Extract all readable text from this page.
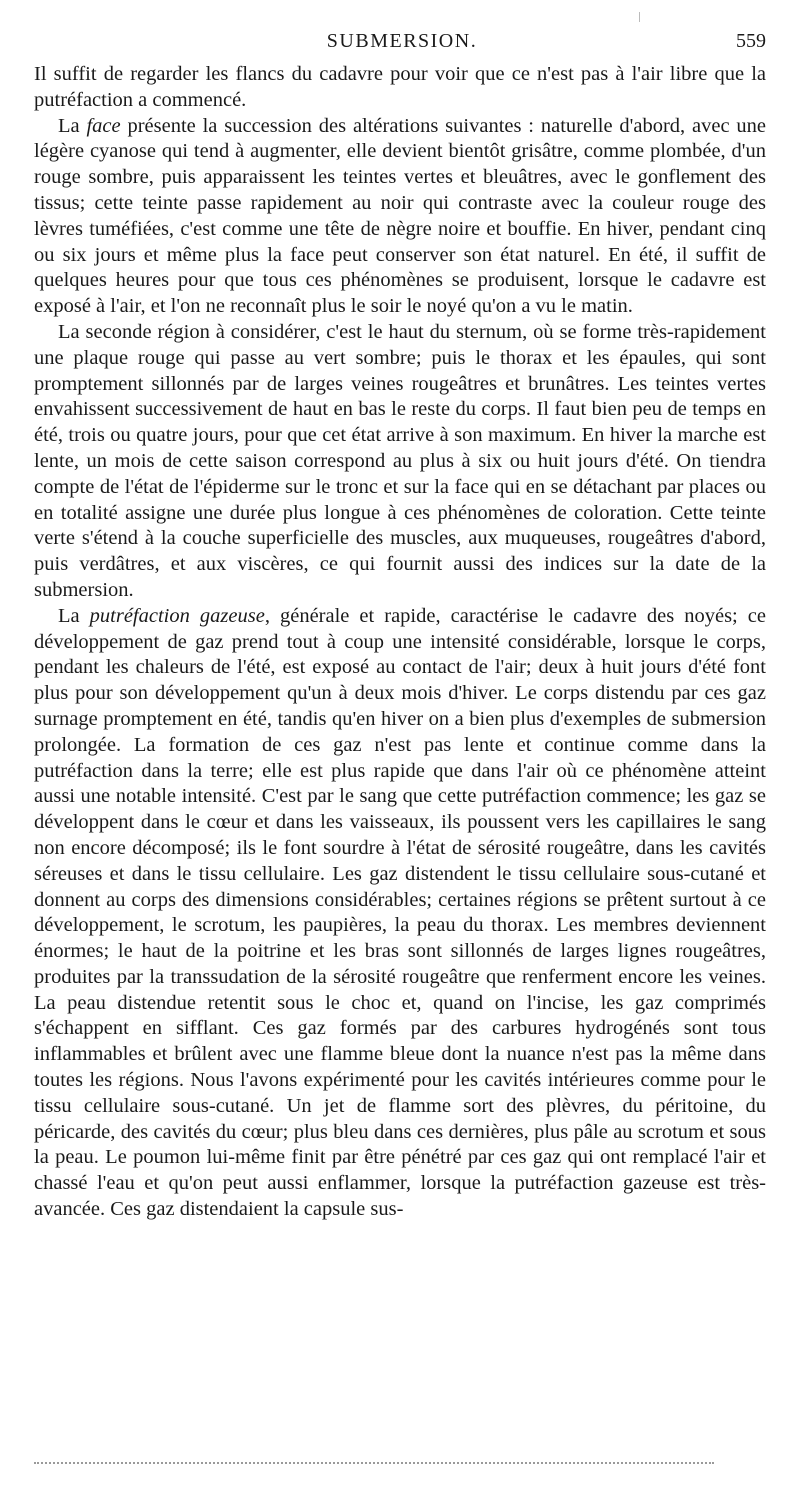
SUBMERSION.	559

Il suffit de regarder les flancs du cadavre pour voir que ce n'est pas à l'air libre que la putréfaction a commencé.

La face présente la succession des altérations suivantes : naturelle d'abord, avec une légère cyanose qui tend à augmenter, elle devient bientôt grisâtre, comme plombée, d'un rouge sombre, puis apparaissent les teintes vertes et bleuâtres, avec le gonflement des tissus; cette teinte passe rapidement au noir qui contraste avec la couleur rouge des lèvres tuméfiées, c'est comme une tête de nègre noire et bouffie. En hiver, pendant cinq ou six jours et même plus la face peut conserver son état naturel. En été, il suffit de quelques heures pour que tous ces phénomènes se produisent, lorsque le cadavre est exposé à l'air, et l'on ne reconnaît plus le soir le noyé qu'on a vu le matin.

La seconde région à considérer, c'est le haut du sternum, où se forme très-rapidement une plaque rouge qui passe au vert sombre; puis le thorax et les épaules, qui sont promptement sillonnés par de larges veines rougeâtres et brunâtres. Les teintes vertes envahissent successivement de haut en bas le reste du corps. Il faut bien peu de temps en été, trois ou quatre jours, pour que cet état arrive à son maximum. En hiver la marche est lente, un mois de cette saison correspond au plus à six ou huit jours d'été. On tiendra compte de l'état de l'épiderme sur le tronc et sur la face qui en se détachant par places ou en totalité assigne une durée plus longue à ces phénomènes de coloration. Cette teinte verte s'étend à la couche superficielle des muscles, aux muqueuses, rougeâtres d'abord, puis verdâtres, et aux viscères, ce qui fournit aussi des indices sur la date de la submersion.

La putréfaction gazeuse, générale et rapide, caractérise le cadavre des noyés; ce développement de gaz prend tout à coup une intensité considérable, lorsque le corps, pendant les chaleurs de l'été, est exposé au contact de l'air; deux à huit jours d'été font plus pour son développement qu'un à deux mois d'hiver. Le corps distendu par ces gaz surnage promptement en été, tandis qu'en hiver on a bien plus d'exemples de submersion prolongée. La formation de ces gaz n'est pas lente et continue comme dans la putréfaction dans la terre; elle est plus rapide que dans l'air où ce phénomène atteint aussi une notable intensité. C'est par le sang que cette putréfaction commence; les gaz se développent dans le cœur et dans les vaisseaux, ils poussent vers les capillaires le sang non encore décomposé; ils le font sourdre à l'état de sérosité rougeâtre, dans les cavités séreuses et dans le tissu cellulaire. Les gaz distendent le tissu cellulaire sous-cutané et donnent au corps des dimensions considérables; certaines régions se prêtent surtout à ce développement, le scrotum, les paupières, la peau du thorax. Les membres deviennent énormes; le haut de la poitrine et les bras sont sillonnés de larges lignes rougeâtres, produites par la transsudation de la sérosité rougeâtre que renferment encore les veines. La peau distendue retentit sous le choc et, quand on l'incise, les gaz comprimés s'échappent en sifflant. Ces gaz formés par des carbures hydrogénés sont tous inflammables et brûlent avec une flamme bleue dont la nuance n'est pas la même dans toutes les régions. Nous l'avons expérimenté pour les cavités intérieures comme pour le tissu cellulaire sous-cutané. Un jet de flamme sort des plèvres, du péritoine, du péricarde, des cavités du cœur; plus bleu dans ces dernières, plus pâle au scrotum et sous la peau. Le poumon lui-même finit par être pénétré par ces gaz qui ont remplacé l'air et chassé l'eau et qu'on peut aussi enflammer, lorsque la putréfaction gazeuse est très-avancée. Ces gaz distendaient la capsule sus-
